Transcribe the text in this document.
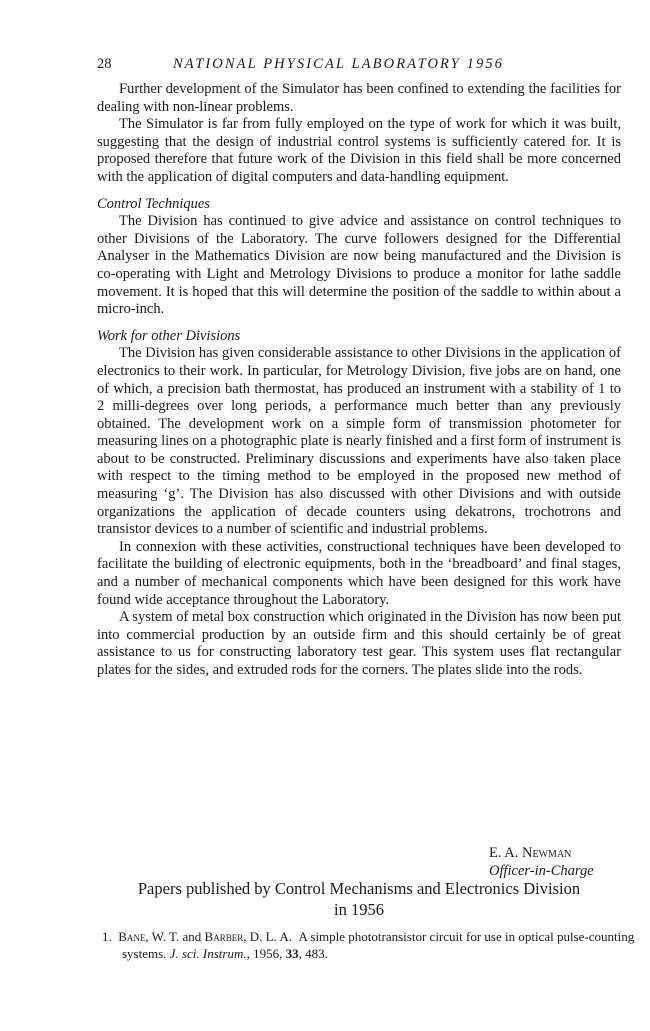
28	NATIONAL PHYSICAL LABORATORY 1956

Further development of the Simulator has been confined to extending the facilities for dealing with non-linear problems.

The Simulator is far from fully employed on the type of work for which it was built, suggesting that the design of industrial control systems is sufficiently catered for. It is proposed therefore that future work of the Division in this field shall be more concerned with the application of digital computers and data-handling equipment.

Control Techniques

The Division has continued to give advice and assistance on control techniques to other Divisions of the Laboratory. The curve followers designed for the Differential Analyser in the Mathematics Division are now being manufactured and the Division is co-operating with Light and Metrology Divisions to produce a monitor for lathe saddle movement. It is hoped that this will determine the position of the saddle to within about a micro-inch.

Work for other Divisions

The Division has given considerable assistance to other Divisions in the application of electronics to their work. In particular, for Metrology Division, five jobs are on hand, one of which, a precision bath thermostat, has produced an instrument with a stability of 1 to 2 milli-degrees over long periods, a performance much better than any previously obtained. The development work on a simple form of transmission photometer for measuring lines on a photographic plate is nearly finished and a first form of instrument is about to be constructed. Preliminary discussions and experiments have also taken place with respect to the timing method to be employed in the proposed new method of measuring ‘g’. The Division has also discussed with other Divisions and with outside organizations the application of decade counters using dekatrons, trochotrons and transistor devices to a number of scientific and industrial problems.

In connexion with these activities, constructional techniques have been developed to facilitate the building of electronic equipments, both in the ‘breadboard’ and final stages, and a number of mechanical components which have been designed for this work have found wide acceptance throughout the Laboratory.

A system of metal box construction which originated in the Division has now been put into commercial production by an outside firm and this should certainly be of great assistance to us for constructing laboratory test gear. This system uses flat rectangular plates for the sides, and extruded rods for the corners. The plates slide into the rods.

E. A. Newman
Officer-in-Charge
Papers published by Control Mechanisms and Electronics Division
in 1956
1. Bane, W. T. and Barber, D. L. A. A simple phototransistor circuit for use in optical pulse-counting systems. J. sci. Instrum., 1956, 33, 483.
